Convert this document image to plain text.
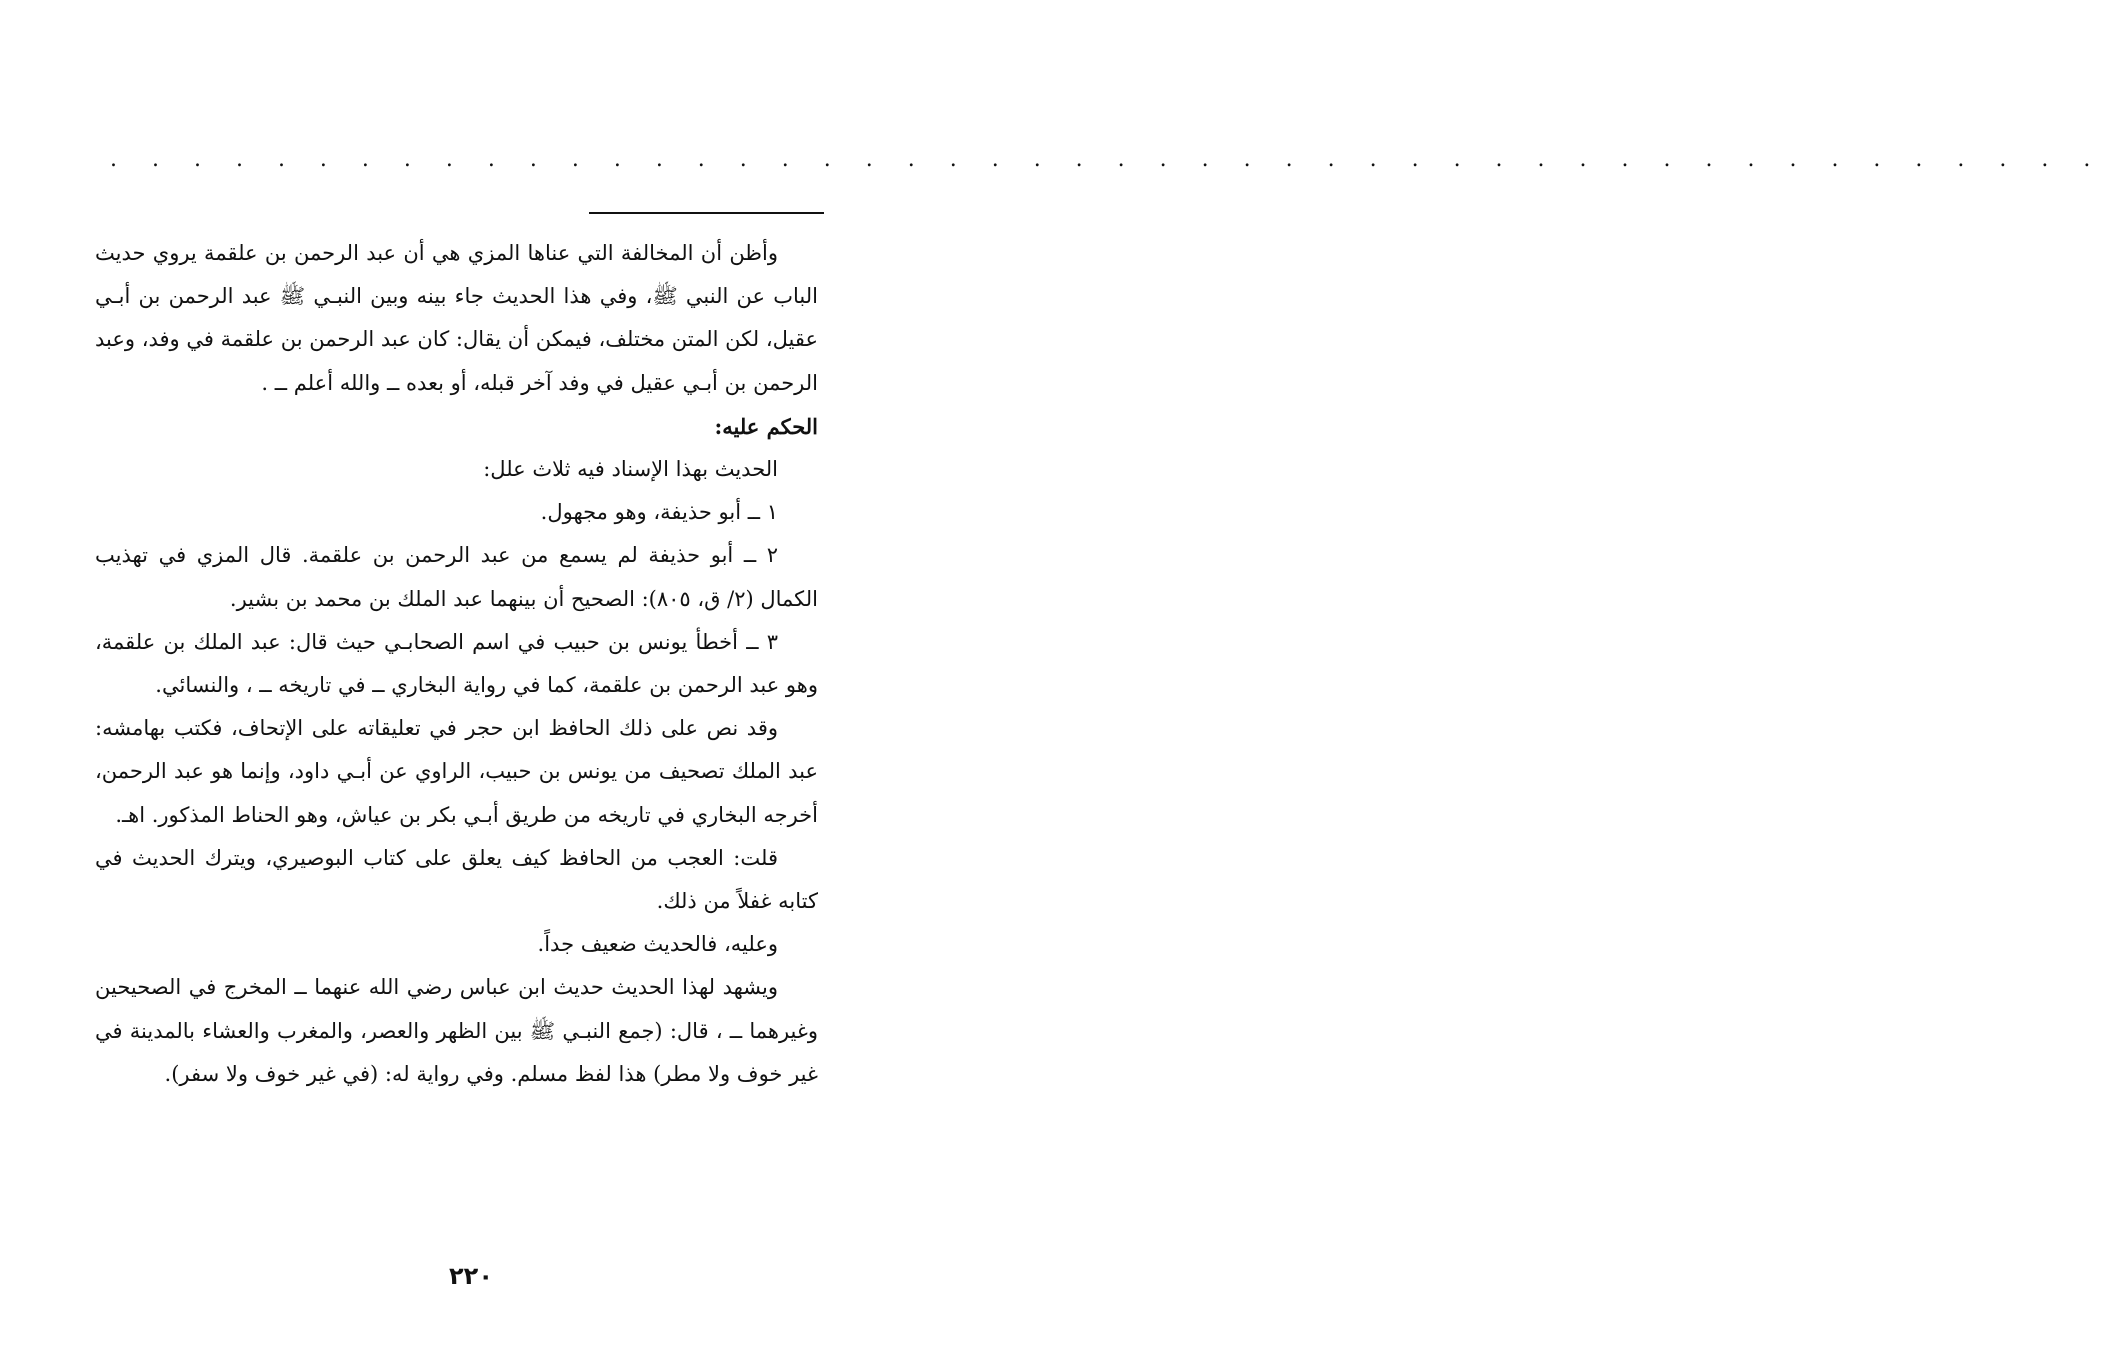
. . . . . . . . . . . . . . . . . . . . . . . . . . . . . . . . . . . . . . . . . . . . . . . .

وأظن أن المخالفة التي عناها المزي هي أن عبد الرحمن بن علقمة يروي حديث الباب عن النبي ﷺ، وفي هذا الحديث جاء بينه وبين النبـي ﷺ عبد الرحمن بن أبـي عقيل، لكن المتن مختلف، فيمكن أن يقال: كان عبد الرحمن بن علقمة في وفد، وعبد الرحمن بن أبـي عقيل في وفد آخر قبله، أو بعده ــ والله أعلم ــ .

الحكم عليه:

الحديث بهذا الإسناد فيه ثلاث علل:

١ ــ أبو حذيفة، وهو مجهول.

٢ ــ أبو حذيفة لم يسمع من عبد الرحمن بن علقمة. قال المزي في تهذيب الكمال (٢/ ق، ٨٠٥): الصحيح أن بينهما عبد الملك بن محمد بن بشير.

٣ ــ أخطأ يونس بن حبيب في اسم الصحابـي حيث قال: عبد الملك بن علقمة، وهو عبد الرحمن بن علقمة، كما في رواية البخاري ــ في تاريخه ــ ، والنسائي.

وقد نص على ذلك الحافظ ابن حجر في تعليقاته على الإتحاف، فكتب بهامشه: عبد الملك تصحيف من يونس بن حبيب، الراوي عن أبـي داود، وإنما هو عبد الرحمن، أخرجه البخاري في تاريخه من طريق أبـي بكر بن عياش، وهو الحناط المذكور. اهـ.

قلت: العجب من الحافظ كيف يعلق على كتاب البوصيري، ويترك الحديث في كتابه غفلاً من ذلك.

وعليه، فالحديث ضعيف جداً.

ويشهد لهذا الحديث حديث ابن عباس رضي الله عنهما ــ المخرج في الصحيحين وغيرهما ــ ، قال: (جمع النبـي ﷺ بين الظهر والعصر، والمغرب والعشاء بالمدينة في غير خوف ولا مطر) هذا لفظ مسلم. وفي رواية له: (في غير خوف ولا سفر).

٢٢٠
